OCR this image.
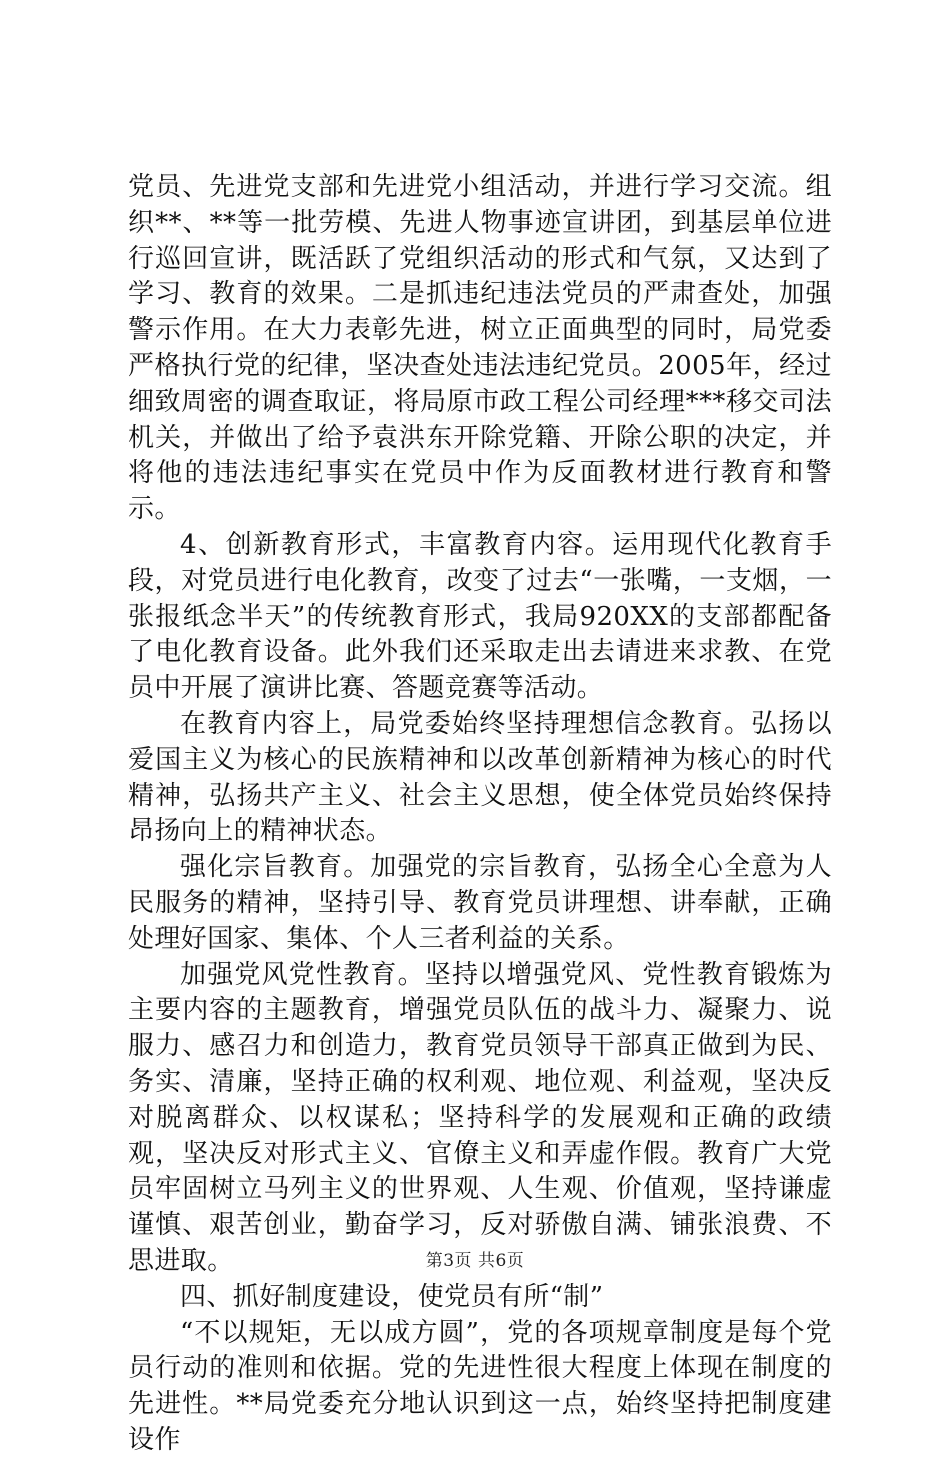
党员、先进党支部和先进党小组活动，并进行学习交流。组织**、**等一批劳模、先进人物事迹宣讲团，到基层单位进行巡回宣讲，既活跃了党组织活动的形式和气氛，又达到了学习、教育的效果。二是抓违纪违法党员的严肃查处，加强警示作用。在大力表彰先进，树立正面典型的同时，局党委严格执行党的纪律，坚决查处违法违纪党员。2005年，经过细致周密的调查取证，将局原市政工程公司经理***移交司法机关，并做出了给予袁洪东开除党籍、开除公职的决定，并将他的违法违纪事实在党员中作为反面教材进行教育和警示。

4、创新教育形式，丰富教育内容。运用现代化教育手段，对党员进行电化教育，改变了过去“一张嘴，一支烟，一张报纸念半天”的传统教育形式，我局920XX的支部都配备了电化教育设备。此外我们还采取走出去请进来求教、在党员中开展了演讲比赛、答题竞赛等活动。

在教育内容上，局党委始终坚持理想信念教育。弘扬以爱国主义为核心的民族精神和以改革创新精神为核心的时代精神，弘扬共产主义、社会主义思想，使全体党员始终保持昂扬向上的精神状态。

强化宗旨教育。加强党的宗旨教育，弘扬全心全意为人民服务的精神，坚持引导、教育党员讲理想、讲奉献，正确处理好国家、集体、个人三者利益的关系。

加强党风党性教育。坚持以增强党风、党性教育锻炼为主要内容的主题教育，增强党员队伍的战斗力、凝聚力、说服力、感召力和创造力，教育党员领导干部真正做到为民、务实、清廉，坚持正确的权利观、地位观、利益观，坚决反对脱离群众、以权谋私；坚持科学的发展观和正确的政绩观，坚决反对形式主义、官僚主义和弄虚作假。教育广大党员牢固树立马列主义的世界观、人生观、价值观，坚持谦虚谨慎、艰苦创业，勤奋学习，反对骄傲自满、铺张浪费、不思进取。

四、抓好制度建设，使党员有所“制”

“不以规矩，无以成方圆”，党的各项规章制度是每个党员行动的准则和依据。党的先进性很大程度上体现在制度的先进性。**局党委充分地认识到这一点，始终坚持把制度建设作

第3页 共6页
